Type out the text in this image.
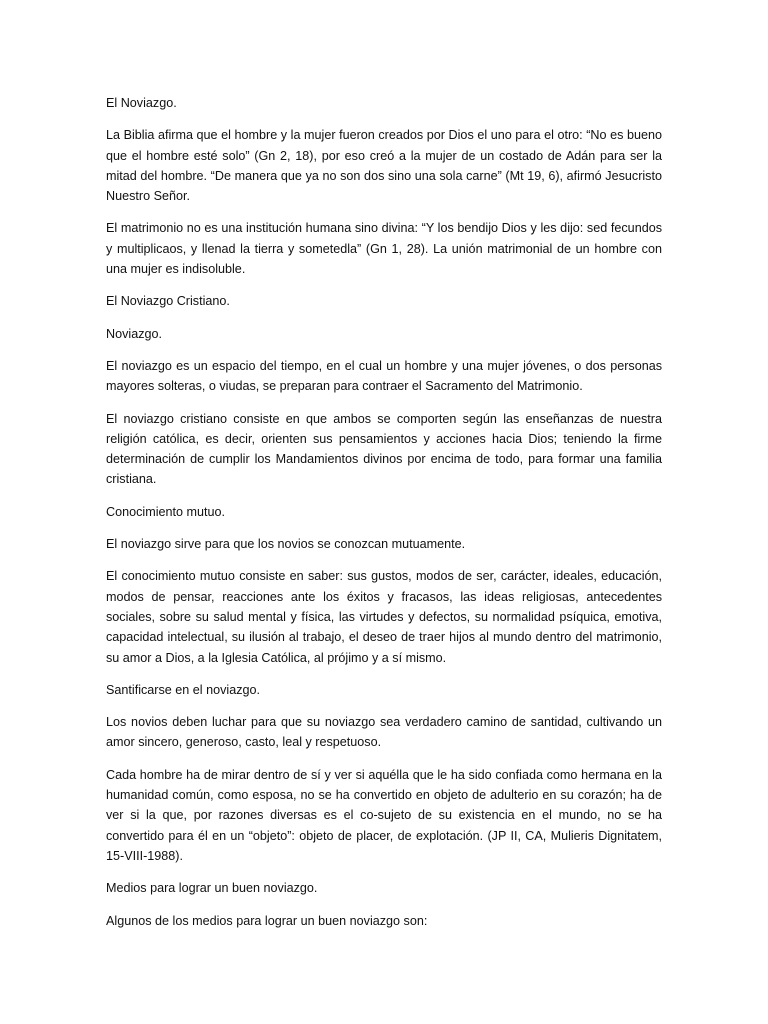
El Noviazgo.

La Biblia afirma que el hombre y la mujer fueron creados por Dios el uno para el otro: “No es bueno que el hombre esté solo” (Gn 2, 18), por eso creó a la mujer de un costado de Adán para ser la mitad del hombre. “De manera que ya no son dos sino una sola carne” (Mt 19, 6), afirmó Jesucristo Nuestro Señor.

El matrimonio no es una institución humana sino divina: “Y los bendijo Dios y les dijo: sed fecundos y multiplicaos, y llenad la tierra y sometedla” (Gn 1, 28). La unión matrimonial de un hombre con una mujer es indisoluble.

El Noviazgo Cristiano.

Noviazgo.

El noviazgo es un espacio del tiempo, en el cual un hombre y una mujer jóvenes, o dos personas mayores solteras, o viudas, se preparan para contraer el Sacramento del Matrimonio.

El noviazgo cristiano consiste en que ambos se comporten según las enseñanzas de nuestra religión católica, es decir, orienten sus pensamientos y acciones hacia Dios; teniendo la firme determinación de cumplir los Mandamientos divinos por encima de todo, para formar una familia cristiana.

Conocimiento mutuo.

El noviazgo sirve para que los novios se conozcan mutuamente.

El conocimiento mutuo consiste en saber: sus gustos, modos de ser, carácter, ideales, educación, modos de pensar, reacciones ante los éxitos y fracasos, las ideas religiosas, antecedentes sociales, sobre su salud mental y física, las virtudes y defectos, su normalidad psíquica, emotiva, capacidad intelectual, su ilusión al trabajo, el deseo de traer hijos al mundo dentro del matrimonio, su amor a Dios, a la Iglesia Católica, al prójimo y a sí mismo.

Santificarse en el noviazgo.

Los novios deben luchar para que su noviazgo sea verdadero camino de santidad, cultivando un amor sincero, generoso, casto, leal y respetuoso.

Cada hombre ha de mirar dentro de sí y ver si aquélla que le ha sido confiada como hermana en la humanidad común, como esposa, no se ha convertido en objeto de adulterio en su corazón; ha de ver si la que, por razones diversas es el co-sujeto de su existencia en el mundo, no se ha convertido para él en un “objeto”: objeto de placer, de explotación. (JP II, CA, Mulieris Dignitatem, 15-VIII-1988).

Medios para lograr un buen noviazgo.

Algunos de los medios para lograr un buen noviazgo son:
